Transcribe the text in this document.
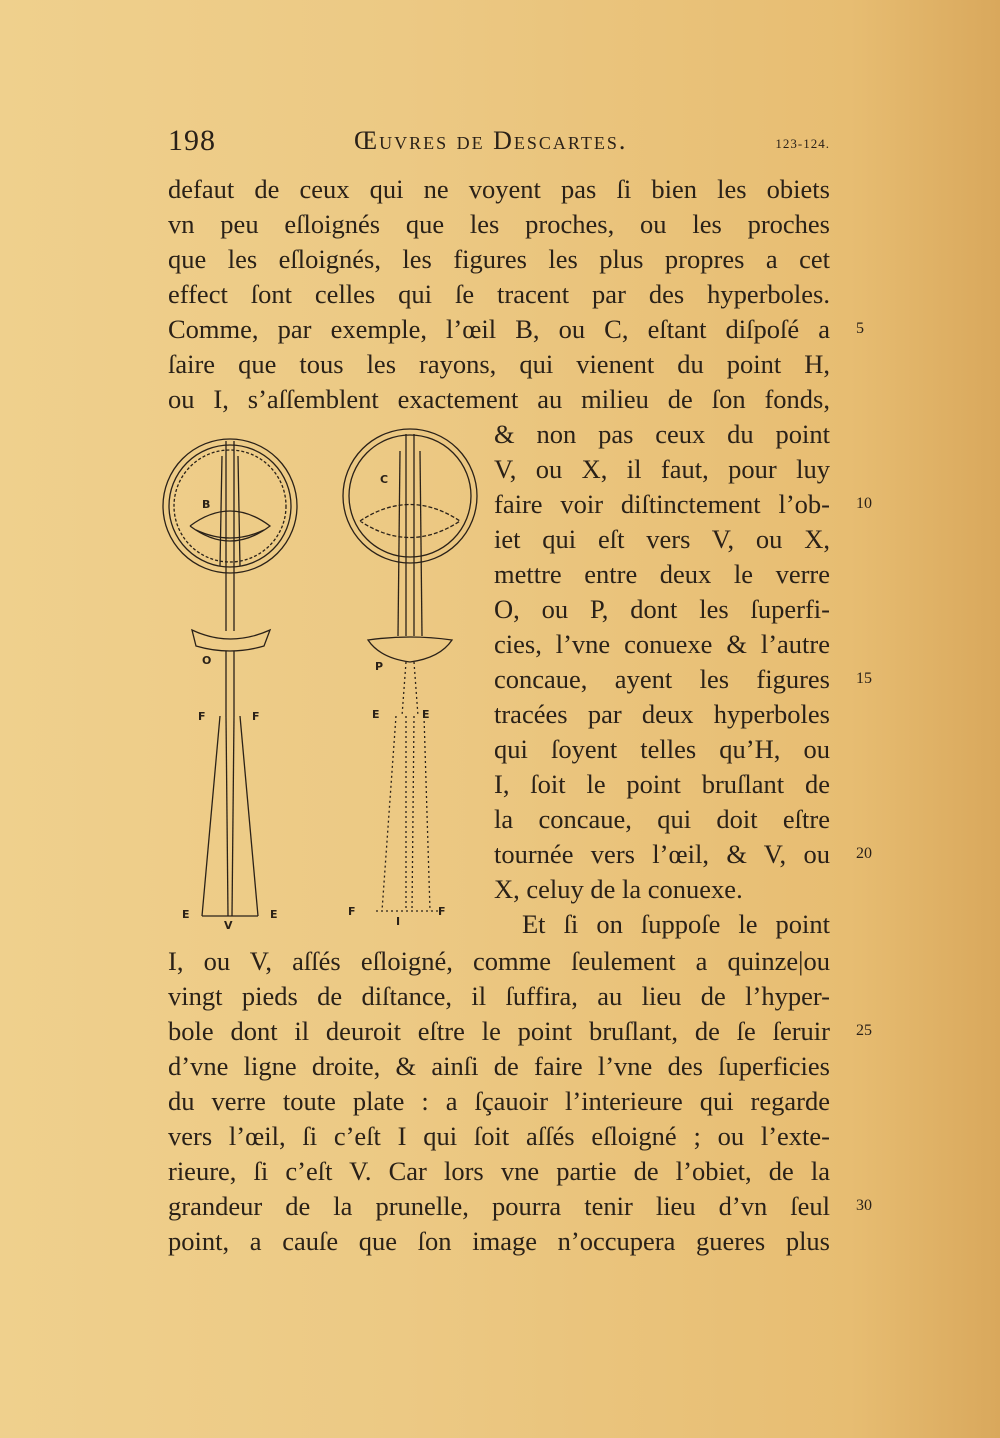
198	Œuvres de Descartes.	123-124.
defaut de ceux qui ne voyent pas ſi bien les obiets
vn peu eſloignés que les proches, ou les proches
que les eſloignés, les figures les plus propres a cet
effect ſont celles qui ſe tracent par des hyperboles.
Comme, par exemple, l’œil B, ou C, eſtant diſpoſé a
ſaire que tous les rayons, qui vienent du point H,
ou I, s’aſſemblent exactement au milieu de ſon fonds,
& non pas ceux du point
V, ou X, il faut, pour luy
faire voir diſtinctement l’ob-
iet qui eſt vers V, ou X,
mettre entre deux le verre
O, ou P, dont les ſuperfi-
cies, l’vne conuexe & l’autre
concaue, ayent les figures
tracées par deux hyperboles
qui ſoyent telles qu’H, ou
I, ſoit le point bruſlant de
la concaue, qui doit eſtre
tournée vers l’œil, & V, ou
X, celuy de la conuexe.
Et ſi on ſuppoſe le point
I, ou V, aſſés eſloigné, comme ſeulement a quinze|ou
vingt pieds de diſtance, il ſuffira, au lieu de l’hyper-
bole dont il deuroit eſtre le point bruſlant, de ſe ſeruir
d’vne ligne droite, & ainſi de faire l’vne des ſuperficies
du verre toute plate : a ſçauoir l’interieure qui regarde
vers l’œil, ſi c’eſt I qui ſoit aſſés eſloigné ; ou l’exte-
rieure, ſi c’eſt V. Car lors vne partie de l’obiet, de la
grandeur de la prunelle, pourra tenir lieu d’vn ſeul
point, a cauſe que ſon image n’occupera gueres plus
5
10
15
20
25
30
B
C
O	P
F	F	E	E
E	E
V
F	F
I
